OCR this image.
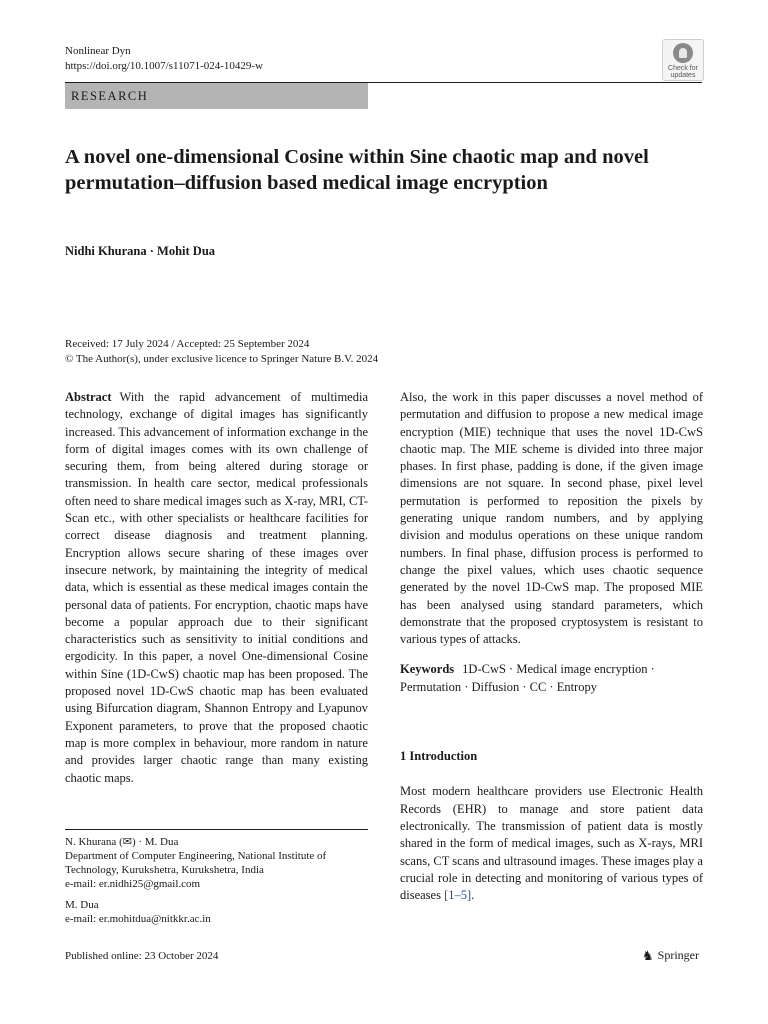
Nonlinear Dyn
https://doi.org/10.1007/s11071-024-10429-w	Check for
updates
RESEARCH
A novel one-dimensional Cosine within Sine chaotic map and novel permutation–diffusion based medical image encryption
Nidhi Khurana · Mohit Dua
Received: 17 July 2024 / Accepted: 25 September 2024
© The Author(s), under exclusive licence to Springer Nature B.V. 2024

Abstract With the rapid advancement of multimedia technology, exchange of digital images has significantly increased. This advancement of information exchange in the form of digital images comes with its own challenge of securing them, from being altered during storage or transmission. In health care sector, medical professionals often need to share medical images such as X-ray, MRI, CT-Scan etc., with other specialists or healthcare facilities for correct disease diagnosis and treatment planning. Encryption allows secure sharing of these images over insecure network, by maintaining the integrity of medical data, which is essential as these medical images contain the personal data of patients. For encryption, chaotic maps have become a popular approach due to their significant characteristics such as sensitivity to initial conditions and ergodicity. In this paper, a novel One-dimensional Cosine within Sine (1D-CwS) chaotic map has been proposed. The proposed novel 1D-CwS chaotic map has been evaluated using Bifurcation diagram, Shannon Entropy and Lyapunov Exponent parameters, to prove that the proposed chaotic map is more complex in behaviour, more random in nature and provides larger chaotic range than many existing chaotic maps.

Also, the work in this paper discusses a novel method of permutation and diffusion to propose a new medical image encryption (MIE) technique that uses the novel 1D-CwS chaotic map. The MIE scheme is divided into three major phases. In first phase, padding is done, if the given image dimensions are not square. In second phase, pixel level permutation is performed to reposition the pixels by generating unique random numbers, and by applying division and modulus operations on these unique random numbers. In final phase, diffusion process is performed to change the pixel values, which uses chaotic sequence generated by the novel 1D-CwS map. The proposed MIE has been analysed using standard parameters, which demonstrate that the proposed cryptosystem is resistant to various types of attacks.

Keywords 1D-CwS · Medical image encryption · Permutation · Diffusion · CC · Entropy

1 Introduction

Most modern healthcare providers use Electronic Health Records (EHR) to manage and store patient data electronically. The transmission of patient data is mostly shared in the form of medical images, such as X-rays, MRI scans, CT scans and ultrasound images. These images play a crucial role in detecting and monitoring of various types of diseases [1–5].

N. Khurana (✉) · M. Dua

Department of Computer Engineering, National Institute of Technology, Kurukshetra, Kurukshetra, India

e-mail: er.nidhi25@gmail.com

M. Dua

e-mail: er.mohitdua@nitkkr.ac.in

Published online: 23 October 2024	♞ Springer
